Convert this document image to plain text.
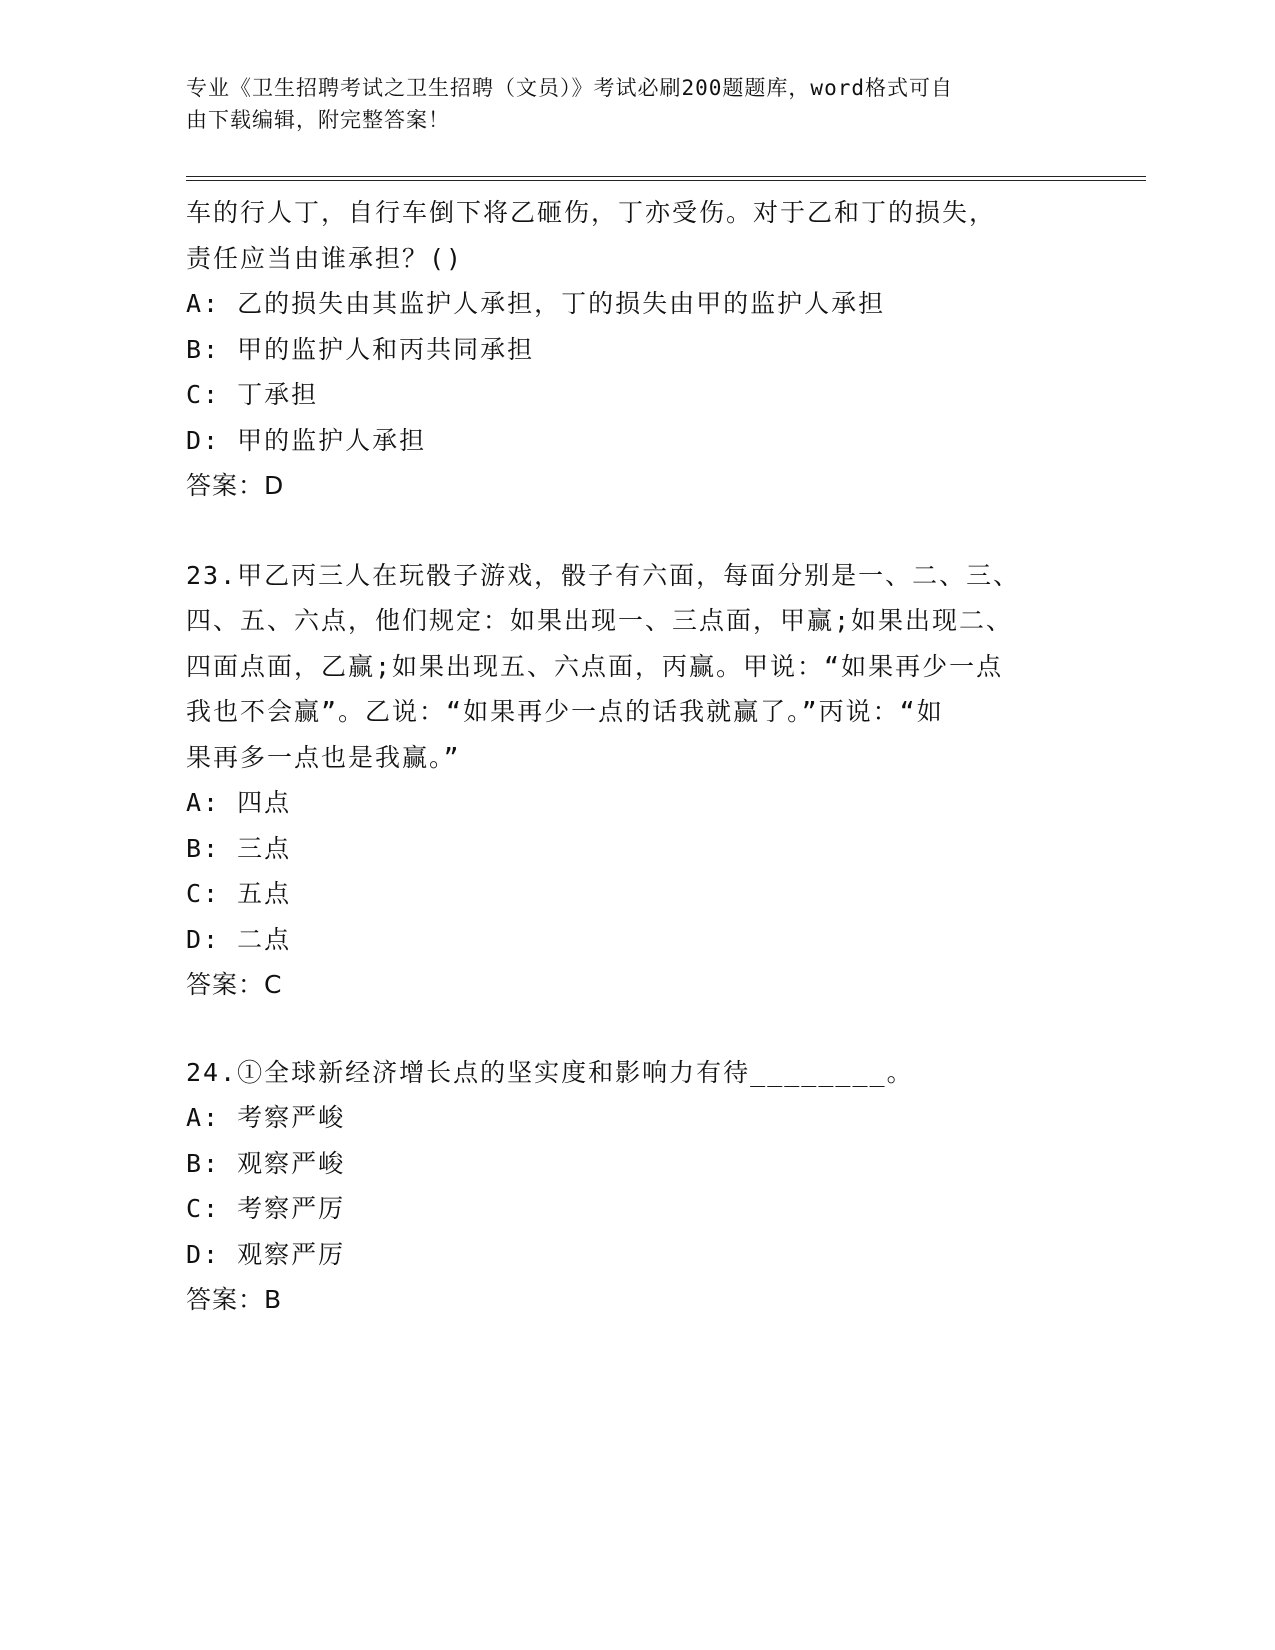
专业《卫生招聘考试之卫生招聘（文员）》考试必刷200题题库，word格式可自
由下载编辑，附完整答案！
车的行人丁，自行车倒下将乙砸伤，丁亦受伤。对于乙和丁的损失，
责任应当由谁承担？()
A: 乙的损失由其监护人承担，丁的损失由甲的监护人承担
B: 甲的监护人和丙共同承担
C: 丁承担
D: 甲的监护人承担
答案：D
23.甲乙丙三人在玩骰子游戏，骰子有六面，每面分别是一、二、三、
四、五、六点，他们规定：如果出现一、三点面，甲赢;如果出现二、
四面点面，乙赢;如果出现五、六点面，丙赢。甲说：“如果再少一点
我也不会赢”。乙说：“如果再少一点的话我就赢了。”丙说：“如
果再多一点也是我赢。”
A: 四点
B: 三点
C: 五点
D: 二点
答案：C
24.①全球新经济增长点的坚实度和影响力有待________。
A: 考察严峻
B: 观察严峻
C: 考察严厉
D: 观察严厉
答案：B
